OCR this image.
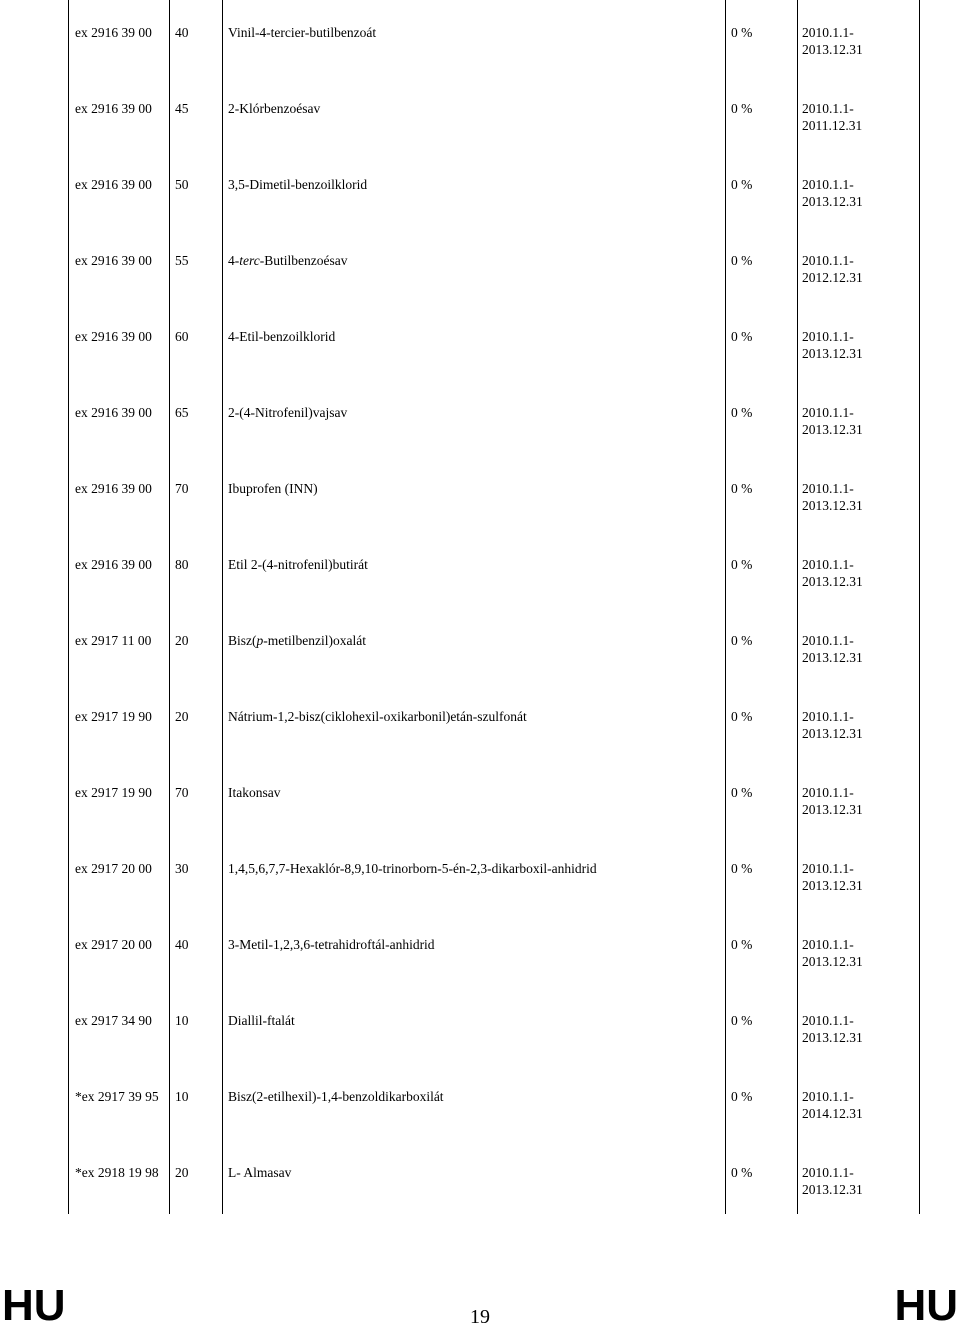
ex 2916 39 00 40	Vinil-4-tercier-butilbenzoát	0 %	2010.1.1-
2013.12.31
ex 2916 39 00 45	2-Klórbenzoésav	0 %	2010.1.1-
2011.12.31
ex 2916 39 00 50	3,5-Dimetil-benzoilklorid	0 %	2010.1.1-
2013.12.31
ex 2916 39 00 55	4-terc-Butilbenzoésav	0 %	2010.1.1-
2012.12.31
ex 2916 39 00 60	4-Etil-benzoilklorid	0 %	2010.1.1-
2013.12.31
ex 2916 39 00 65	2-(4-Nitrofenil)vajsav	0 %	2010.1.1-
2013.12.31
ex 2916 39 00 70	Ibuprofen (INN)	0 %	2010.1.1-
2013.12.31
ex 2916 39 00 80	Etil 2-(4-nitrofenil)butirát	0 %	2010.1.1-
2013.12.31
ex 2917 11 00 20	Bisz(p-metilbenzil)oxalát	0 %	2010.1.1-
2013.12.31
ex 2917 19 90 20	Nátrium-1,2-bisz(ciklohexil-oxikarbonil)etán-szulfonát	0 %	2010.1.1-
2013.12.31
ex 2917 19 90 70	Itakonsav	0 %	2010.1.1-
2013.12.31
ex 2917 20 00 30	1,4,5,6,7,7-Hexaklór-8,9,10-trinorborn-5-én-2,3-dikarboxil-anhidrid	0 %	2010.1.1-
2013.12.31
ex 2917 20 00 40	3-Metil-1,2,3,6-tetrahidroftál-anhidrid	0 %	2010.1.1-
2013.12.31
ex 2917 34 90 10	Diallil-ftalát	0 %	2010.1.1-
2013.12.31
*ex 2917 39 95 10	Bisz(2-etilhexil)-1,4-benzoldikarboxilát	0 %	2010.1.1-
2014.12.31
*ex 2918 19 98 20	L- Almasav	0 %	2010.1.1-
2013.12.31
HU	19	HU
